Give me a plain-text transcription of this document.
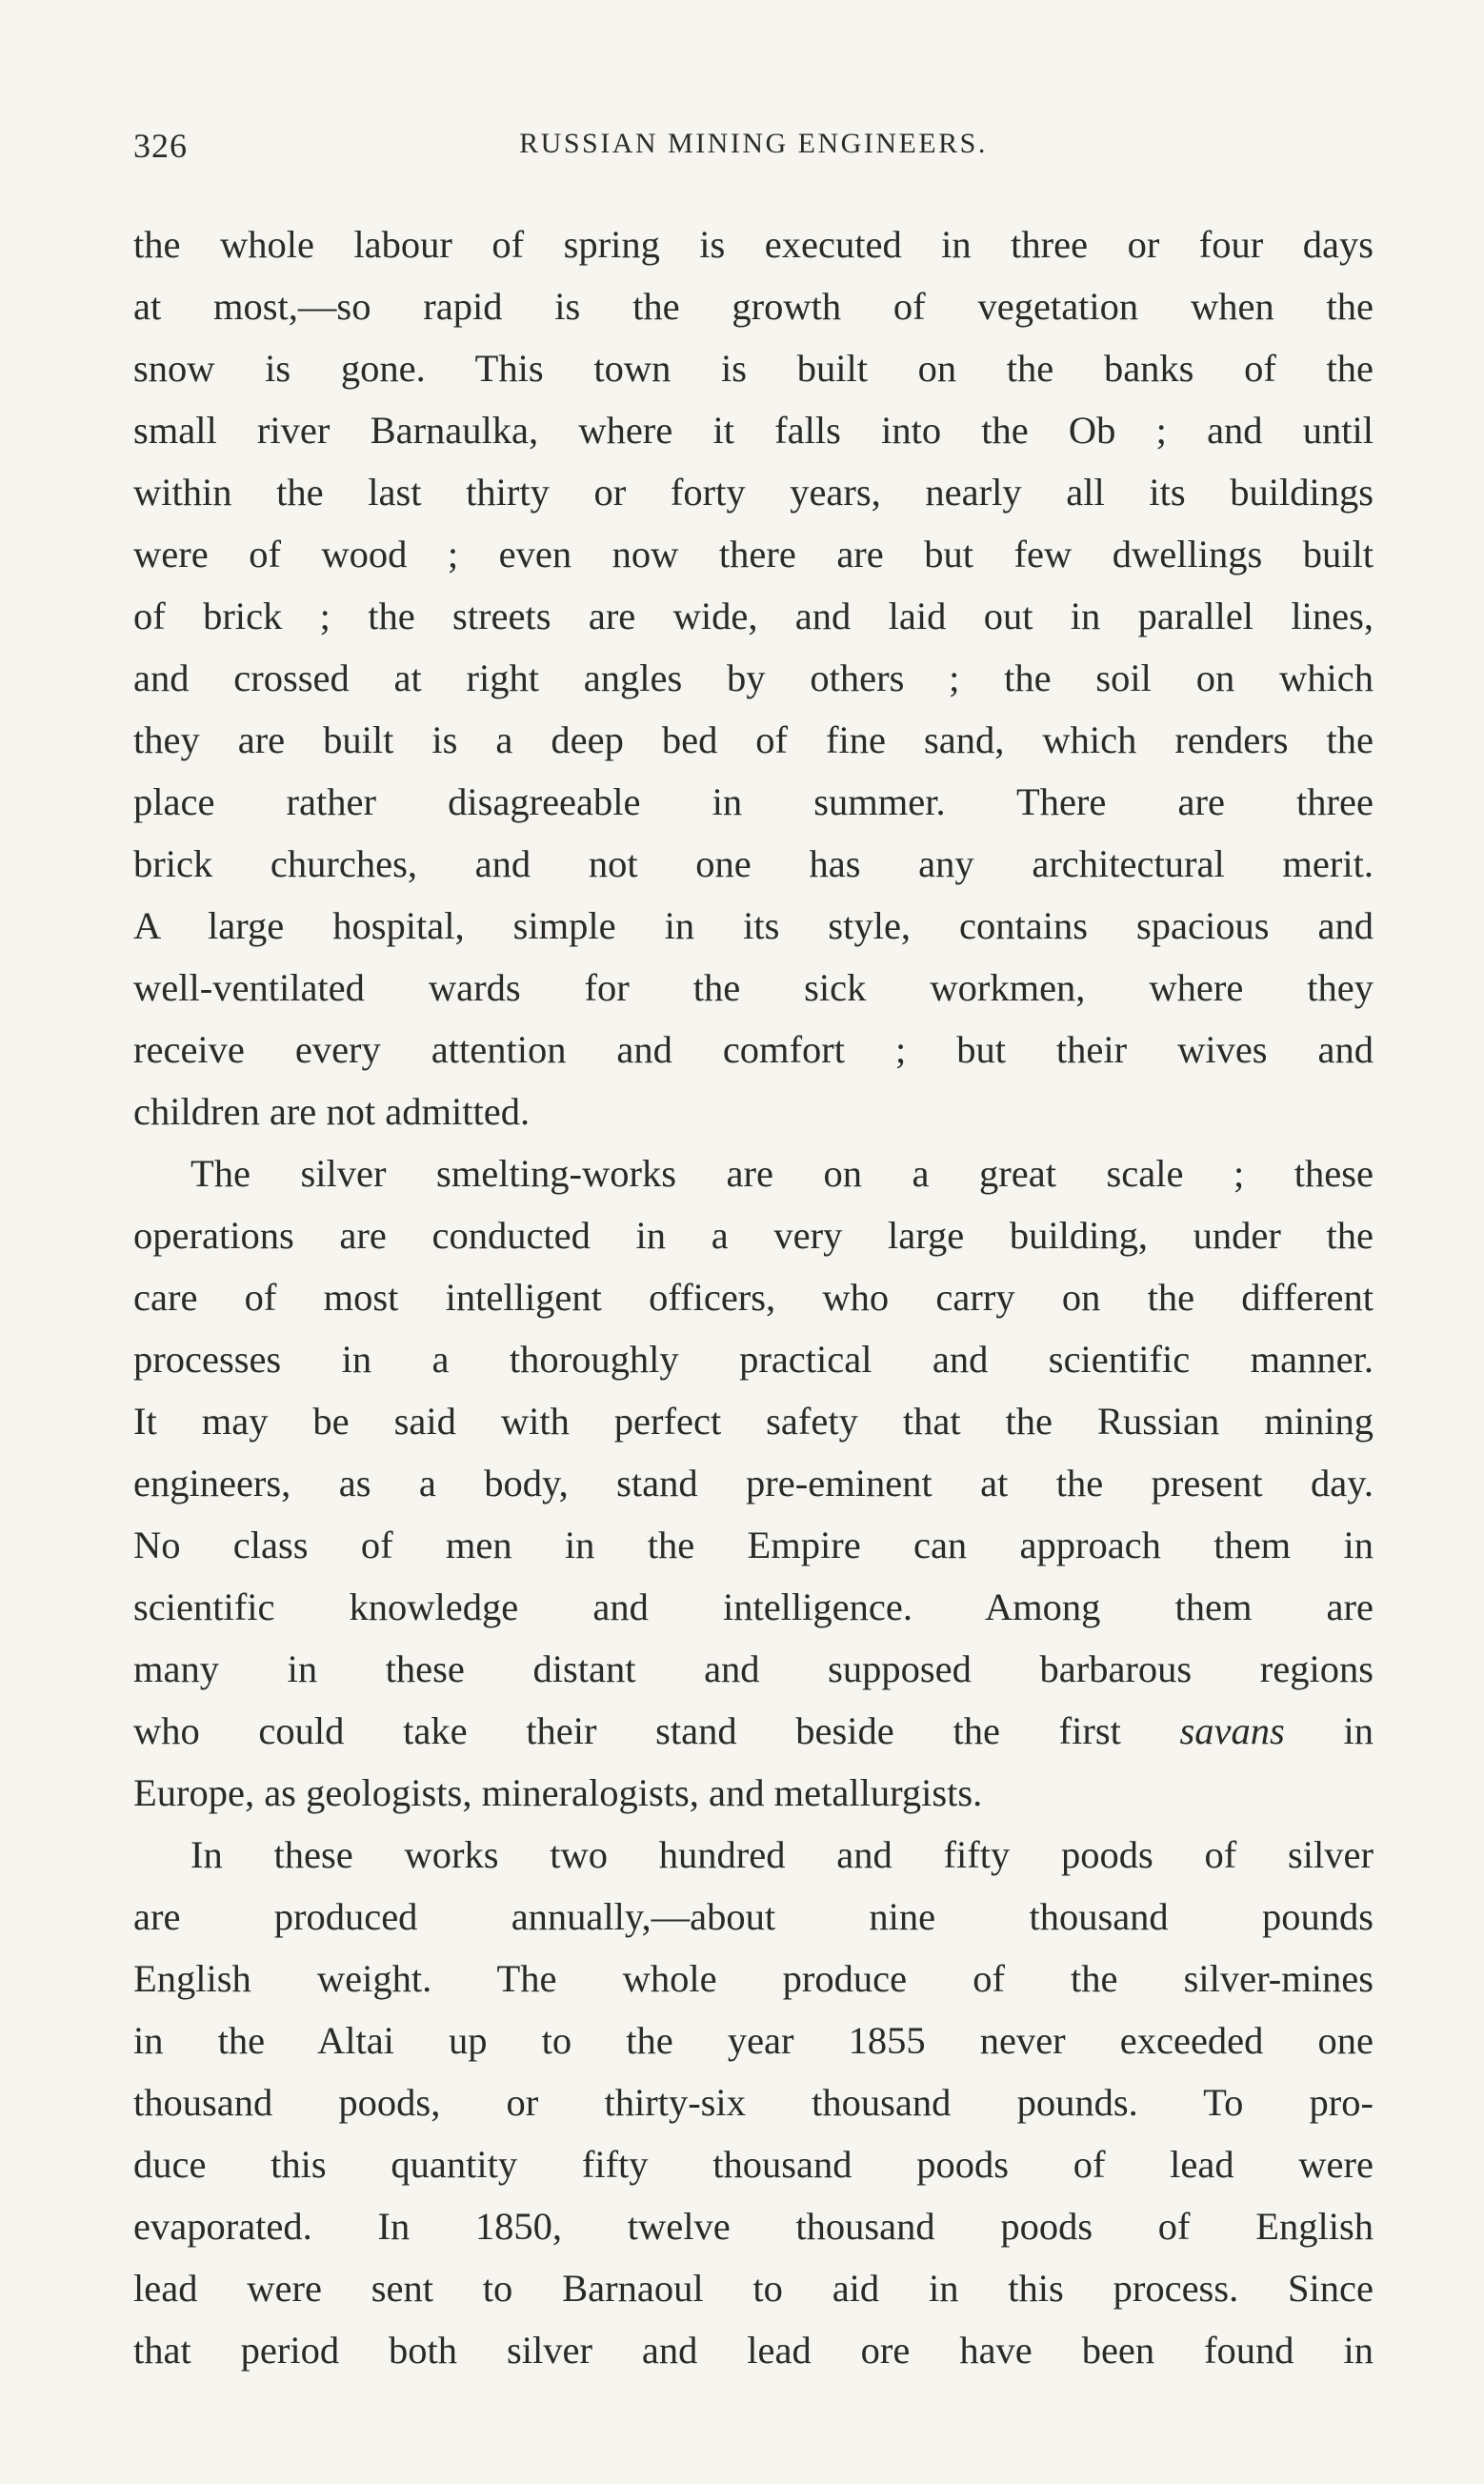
326	RUSSIAN MINING ENGINEERS.
the whole labour of spring is executed in three or four days
at most,—so rapid is the growth of vegetation when the
snow is gone. This town is built on the banks of the
small river Barnaulka, where it falls into the Ob ; and until
within the last thirty or forty years, nearly all its buildings
were of wood ; even now there are but few dwellings built
of brick ; the streets are wide, and laid out in parallel lines,
and crossed at right angles by others ; the soil on which
they are built is a deep bed of fine sand, which renders the
place rather disagreeable in summer. There are three
brick churches, and not one has any architectural merit.
A large hospital, simple in its style, contains spacious and
well-ventilated wards for the sick workmen, where they
receive every attention and comfort ; but their wives and
children are not admitted.
The silver smelting-works are on a great scale ; these
operations are conducted in a very large building, under the
care of most intelligent officers, who carry on the different
processes in a thoroughly practical and scientific manner.
It may be said with perfect safety that the Russian mining
engineers, as a body, stand pre-eminent at the present day.
No class of men in the Empire can approach them in
scientific knowledge and intelligence. Among them are
many in these distant and supposed barbarous regions
who could take their stand beside the first savans in
Europe, as geologists, mineralogists, and metallurgists.
In these works two hundred and fifty poods of silver
are produced annually,—about nine thousand pounds
English weight. The whole produce of the silver-mines
in the Altai up to the year 1855 never exceeded one
thousand poods, or thirty-six thousand pounds. To pro-
duce this quantity fifty thousand poods of lead were
evaporated. In 1850, twelve thousand poods of English
lead were sent to Barnaoul to aid in this process. Since
that period both silver and lead ore have been found in
